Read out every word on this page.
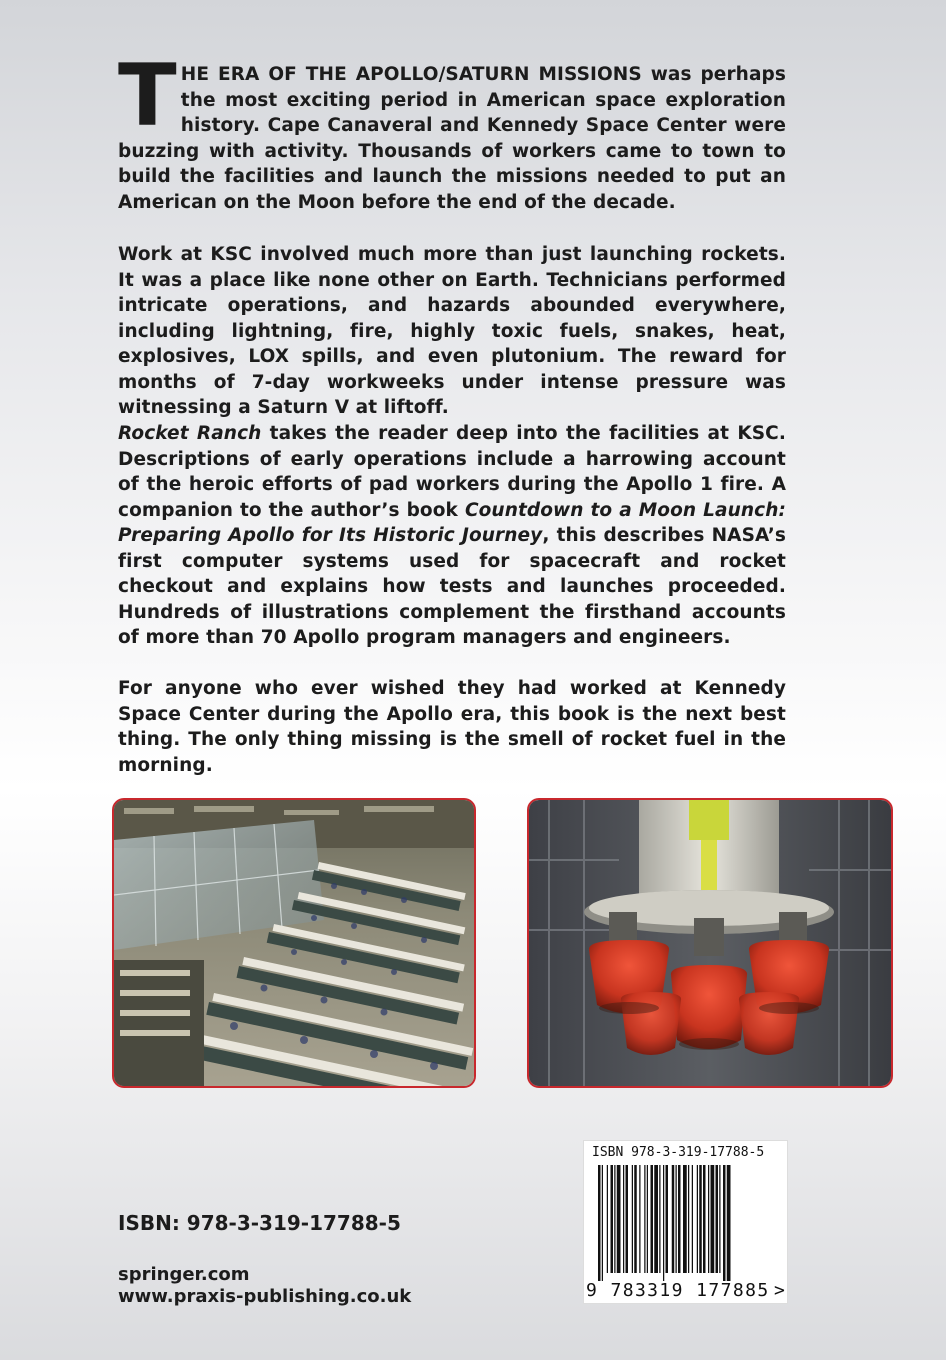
THE ERA OF THE APOLLO/SATURN MISSIONS was perhaps the most exciting period in American space exploration history. Cape Canaveral and Kennedy Space Center were buzzing with activity. Thousands of workers came to town to build the facilities and launch the missions needed to put an American on the Moon before the end of the decade.

Work at KSC involved much more than just launching rockets. It was a place like none other on Earth. Technicians performed intricate operations, and hazards abounded everywhere, including lightning, fire, highly toxic fuels, snakes, heat, explosives, LOX spills, and even plutonium. The reward for months of 7-day workweeks under intense pressure was witnessing a Saturn V at liftoff.

Rocket Ranch takes the reader deep into the facilities at KSC. Descriptions of early operations include a harrowing account of the heroic efforts of pad workers during the Apollo 1 fire. A companion to the author’s book Countdown to a Moon Launch: Preparing Apollo for Its Historic Journey, this describes NASA’s first computer systems used for spacecraft and rocket checkout and explains how tests and launches proceeded. Hundreds of illustrations complement the firsthand accounts of more than 70 Apollo program managers and engineers.

For anyone who ever wished they had worked at Kennedy Space Center during the Apollo era, this book is the next best thing. The only thing missing is the smell of rocket fuel in the morning.

ISBN: 978-3-319-17788-5

springer.com

www.praxis-publishing.co.uk

ISBN 978-3-319-17788-5
9 783319 177885 >
